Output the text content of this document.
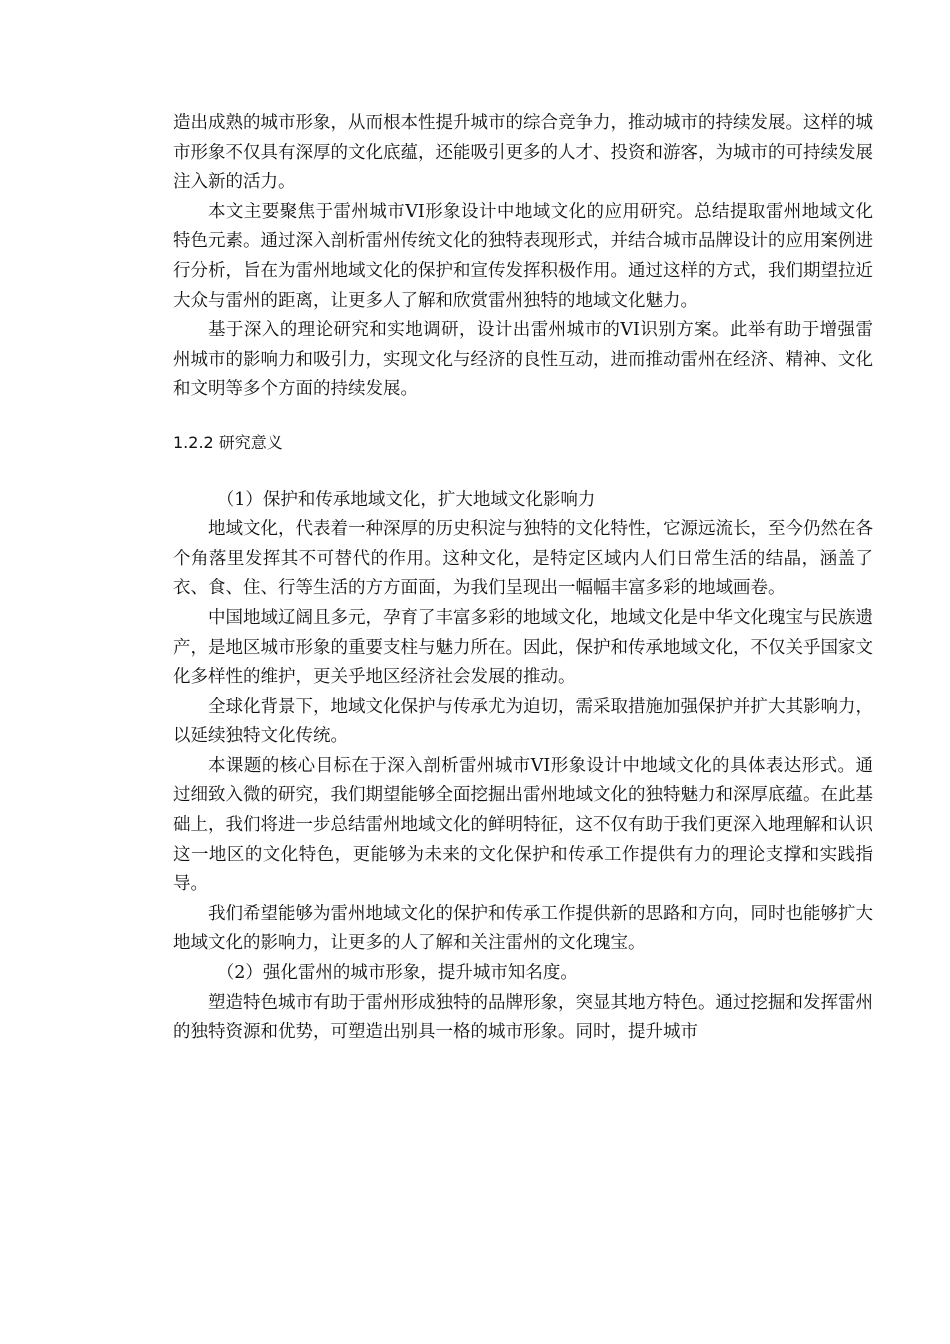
造出成熟的城市形象，从而根本性提升城市的综合竞争力，推动城市的持续发展。这样的城市形象不仅具有深厚的文化底蕴，还能吸引更多的人才、投资和游客，为城市的可持续发展注入新的活力。

本文主要聚焦于雷州城市VI形象设计中地域文化的应用研究。总结提取雷州地域文化特色元素。通过深入剖析雷州传统文化的独特表现形式，并结合城市品牌设计的应用案例进行分析，旨在为雷州地域文化的保护和宣传发挥积极作用。通过这样的方式，我们期望拉近大众与雷州的距离，让更多人了解和欣赏雷州独特的地域文化魅力。

基于深入的理论研究和实地调研，设计出雷州城市的VI识别方案。此举有助于增强雷州城市的影响力和吸引力，实现文化与经济的良性互动，进而推动雷州在经济、精神、文化和文明等多个方面的持续发展。

1.2.2 研究意义

（1）保护和传承地域文化，扩大地域文化影响力

地域文化，代表着一种深厚的历史积淀与独特的文化特性，它源远流长，至今仍然在各个角落里发挥其不可替代的作用。这种文化，是特定区域内人们日常生活的结晶，涵盖了衣、食、住、行等生活的方方面面，为我们呈现出一幅幅丰富多彩的地域画卷。

中国地域辽阔且多元，孕育了丰富多彩的地域文化，地域文化是中华文化瑰宝与民族遗产，是地区城市形象的重要支柱与魅力所在。因此，保护和传承地域文化，不仅关乎国家文化多样性的维护，更关乎地区经济社会发展的推动。

全球化背景下，地域文化保护与传承尤为迫切，需采取措施加强保护并扩大其影响力，以延续独特文化传统。

本课题的核心目标在于深入剖析雷州城市VI形象设计中地域文化的具体表达形式。通过细致入微的研究，我们期望能够全面挖掘出雷州地域文化的独特魅力和深厚底蕴。在此基础上，我们将进一步总结雷州地域文化的鲜明特征，这不仅有助于我们更深入地理解和认识这一地区的文化特色，更能够为未来的文化保护和传承工作提供有力的理论支撑和实践指导。

我们希望能够为雷州地域文化的保护和传承工作提供新的思路和方向，同时也能够扩大地域文化的影响力，让更多的人了解和关注雷州的文化瑰宝。

（2）强化雷州的城市形象，提升城市知名度。

塑造特色城市有助于雷州形成独特的品牌形象，突显其地方特色。通过挖掘和发挥雷州的独特资源和优势，可塑造出别具一格的城市形象。同时，提升城市
